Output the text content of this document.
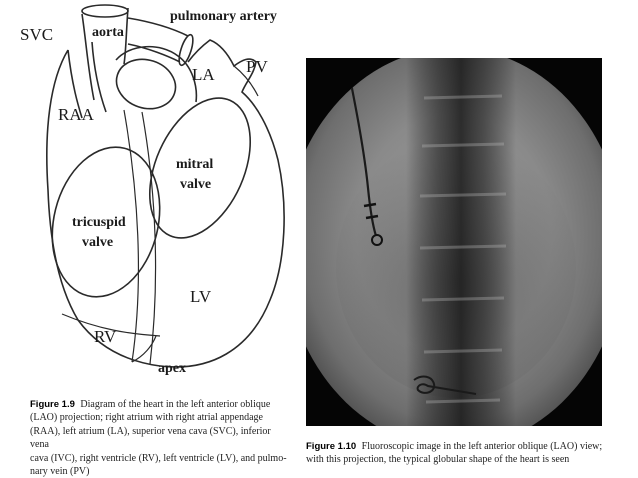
SVC	aorta
pulmonary artery
PV
LA
RAA
mitral
valve
tricuspid
valve
LV
RV
apex
Figure 1.9 Diagram of the heart in the left anterior oblique
(LAO) projection; right atrium with right atrial appendage
(RAA), left atrium (LA), superior vena cava (SVC), inferior vena
cava (IVC), right ventricle (RV), left ventricle (LV), and pulmo-
nary vein (PV)
Figure 1.10 Fluoroscopic image in the left anterior oblique (LAO) view;
with this projection, the typical globular shape of the heart is seen
